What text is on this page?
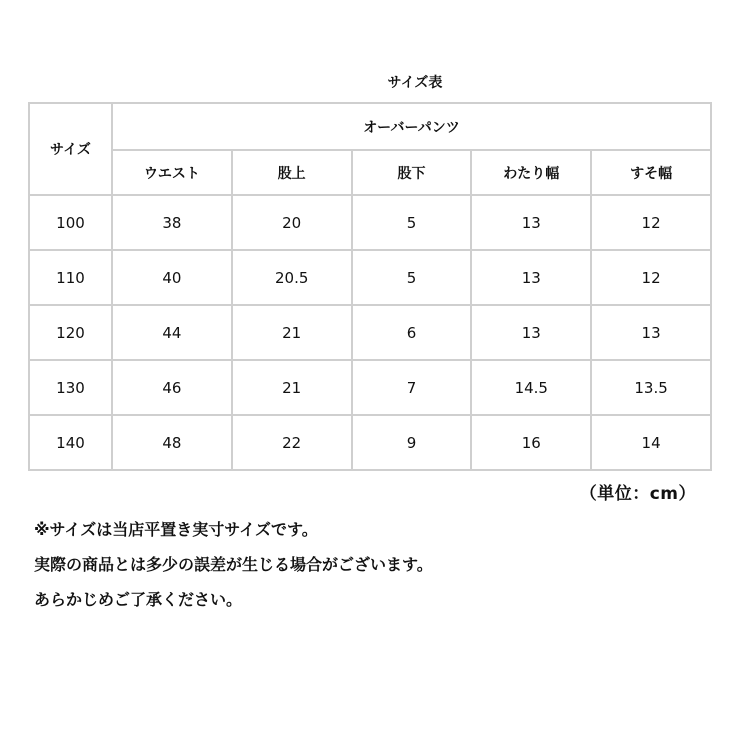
サイズ表
サイズ	オーバーパンツ				
	ウエスト	股上	股下	わたり幅	すそ幅
100	38	20	5	13	12
110	40	20.5	5	13	12
120	44	21	6	13	13
130	46	21	7	14.5	13.5
140	48	22	9	16	14
（単位：cm）
※サイズは当店平置き実寸サイズです。
実際の商品とは多少の誤差が生じる場合がございます。
あらかじめご了承ください。
